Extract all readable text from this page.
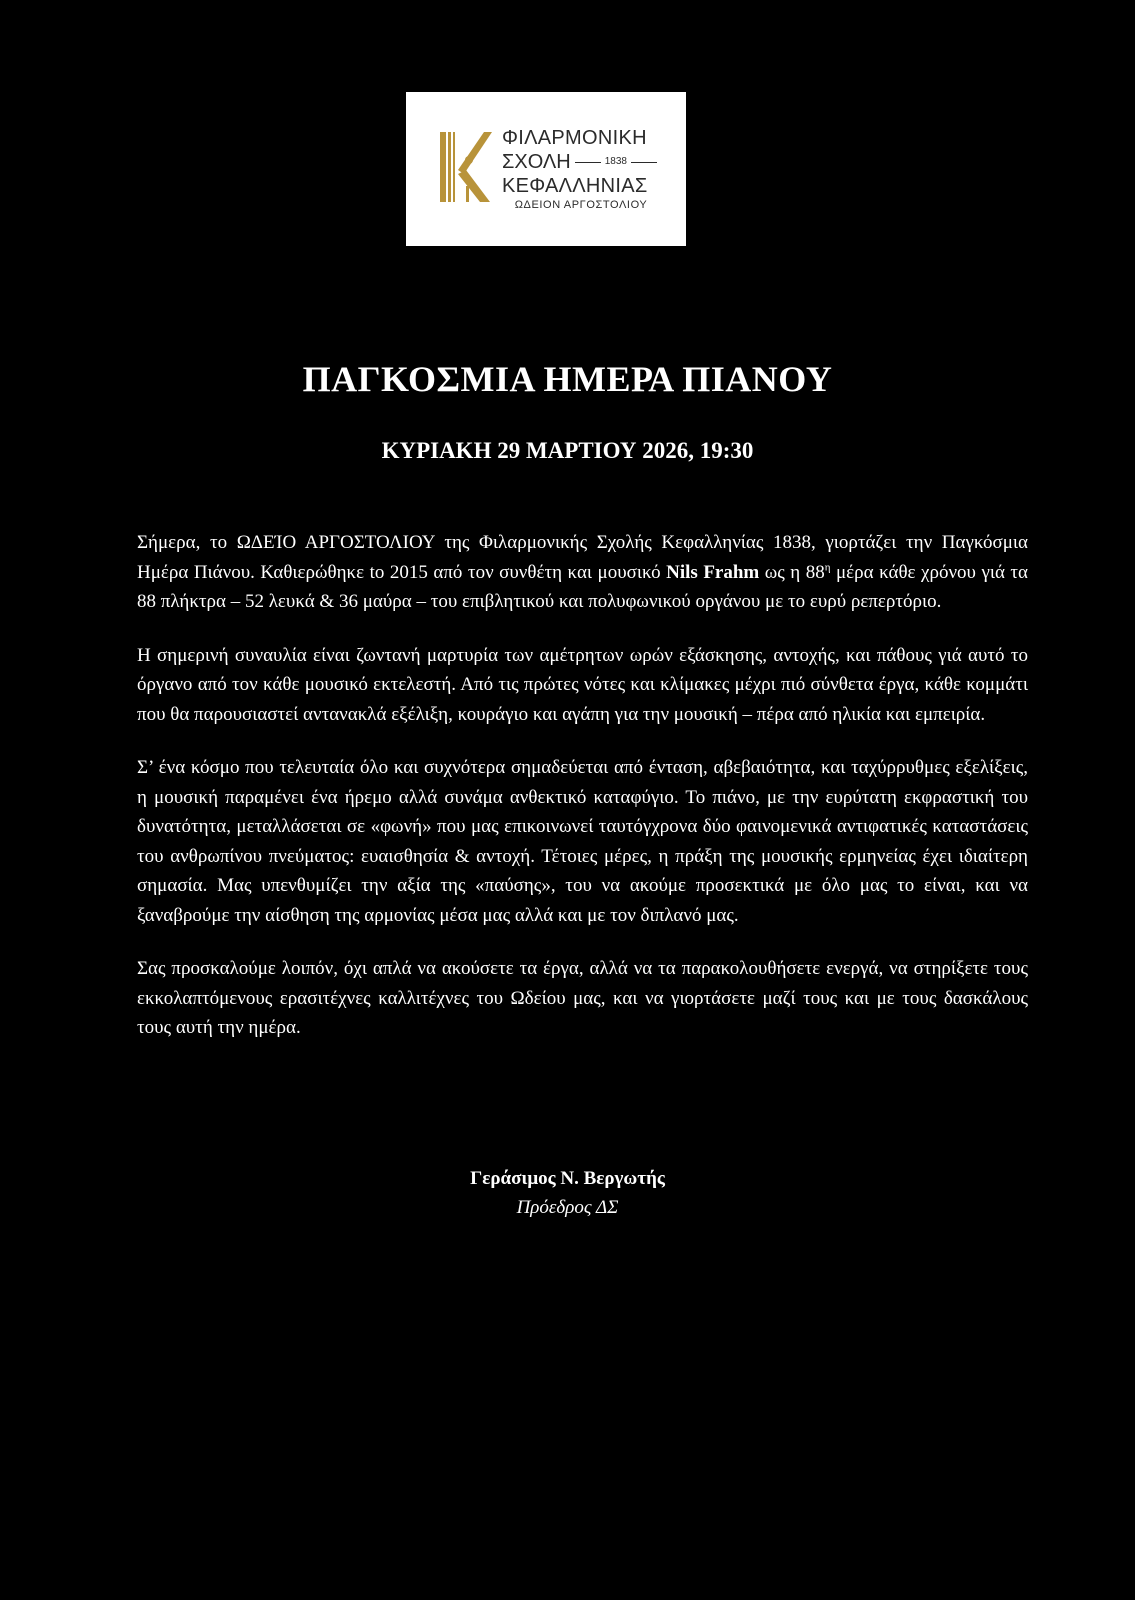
ΦΙΛΑΡΜΟΝΙΚΗ
ΣΧΟΛΗ	1838
ΚΕΦΑΛΛΗΝΙΑΣ
ΩΔΕΙΟΝ ΑΡΓΟΣΤΟΛΙΟΥ
ΠΑΓΚΟΣΜΙΑ ΗΜΕΡΑ ΠΙΑΝΟΥ
ΚΥΡΙΑΚΗ 29 ΜΑΡΤΙΟΥ 2026, 19:30

Σήμερα, το ΩΔΕΊΟ ΑΡΓΟΣΤΟΛΙΟΥ της Φιλαρμονικής Σχολής Κεφαλληνίας 1838, γιορτάζει την Παγκόσμια Ημέρα Πιάνου. Καθιερώθηκε to 2015 από τον συνθέτη και μουσικό Nils Frahm ως η $88^\eta$ μέρα κάθε χρόνου γιά τα 88 πλήκτρα – 52 λευκά & 36 μαύρα – του επιβλητικού και πολυφωνικού οργάνου με το ευρύ ρεπερτόριο.

Η σημερινή συναυλία είναι ζωντανή μαρτυρία των αμέτρητων ωρών εξάσκησης, αντοχής, και πάθους γιά αυτό το όργανο από τον κάθε μουσικό εκτελεστή. Από τις πρώτες νότες και κλίμακες μέχρι πιό σύνθετα έργα, κάθε κομμάτι που θα παρουσιαστεί αντανακλά εξέλιξη, κουράγιο και αγάπη για την μουσική – πέρα από ηλικία και εμπειρία.

Σ’ ένα κόσμο που τελευταία όλο και συχνότερα σημαδεύεται από ένταση, αβεβαιότητα, και ταχύρρυθμες εξελίξεις, η μουσική παραμένει ένα ήρεμο αλλά συνάμα ανθεκτικό καταφύγιο. Το πιάνο, με την ευρύτατη εκφραστική του δυνατότητα, μεταλλάσεται σε «φωνή» που μας επικοινωνεί ταυτόγχρονα δύο φαινομενικά αντιφατικές καταστάσεις του ανθρωπίνου πνεύματος: ευαισθησία & αντοχή. Τέτοιες μέρες, η πράξη της μουσικής ερμηνείας έχει ιδιαίτερη σημασία. Μας υπενθυμίζει την αξία της «παύσης», του να ακούμε προσεκτικά με όλο μας το είναι, και να ξαναβρούμε την αίσθηση της αρμονίας μέσα μας αλλά και με τον διπλανό μας.

Σας προσκαλούμε λοιπόν, όχι απλά να ακούσετε τα έργα, αλλά να τα παρακολουθήσετε ενεργά, να στηρίξετε τους εκκολαπτόμενους ερασιτέχνες καλλιτέχνες του Ωδείου μας, και να γιορτάσετε μαζί τους και με τους δασκάλους τους αυτή την ημέρα.

Γεράσιμος Ν. Βεργωτής
Πρόεδρος ΔΣ
